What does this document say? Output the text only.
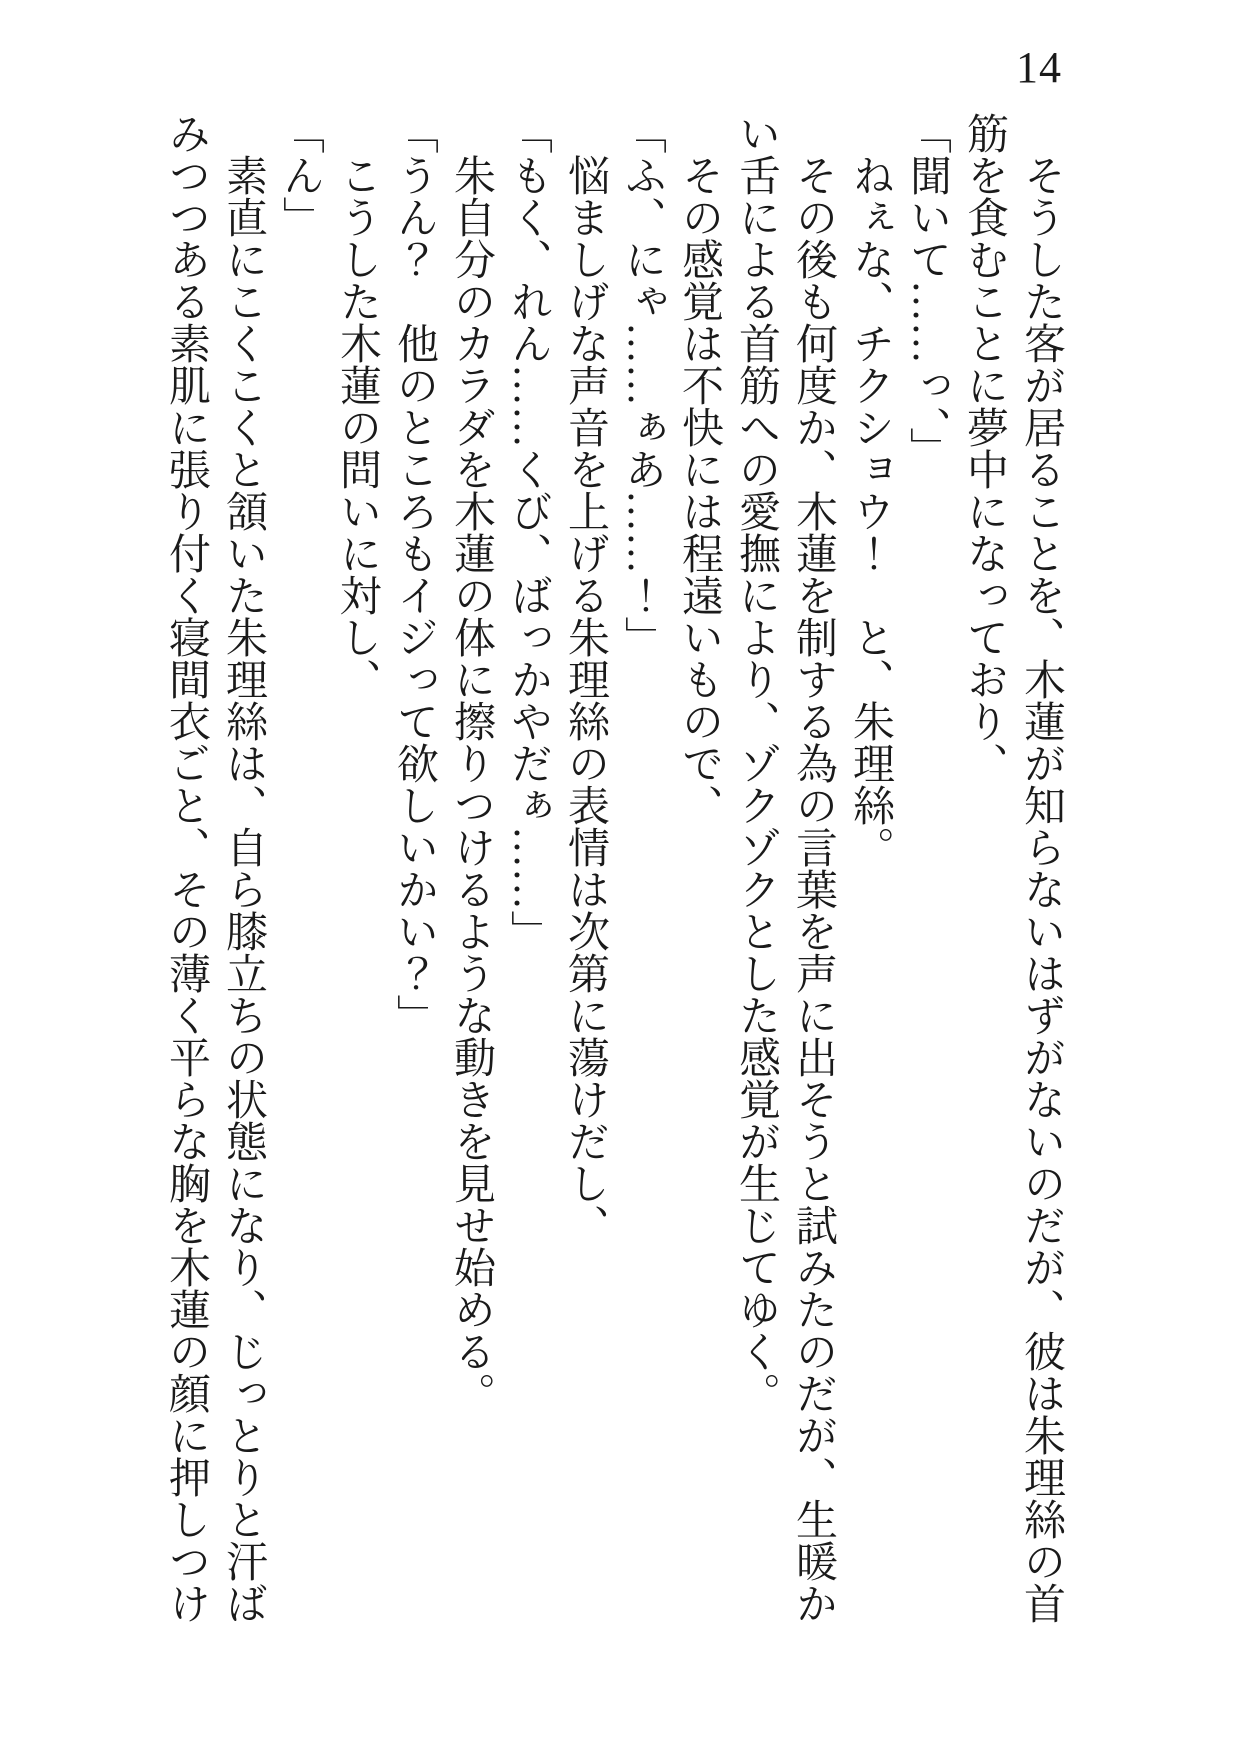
14

そうした客が居ることを、木蓮が知らないはずがないのだが、彼は朱理絲の首筋を食むことに夢中になっており、

「聞いて……っ、」

ねぇな、チクショウ！　と、朱理絲。

その後も何度か、木蓮を制する為の言葉を声に出そうと試みたのだが、生暖かい舌による首筋への愛撫により、ゾクゾクとした感覚が生じてゆく。

その感覚は不快には程遠いもので、

「ふ、にゃ……ぁあ……！」

悩ましげな声音を上げる朱理絲の表情は次第に蕩けだし、

「もく、れん……くび、ばっかやだぁ……」

朱自分のカラダを木蓮の体に擦りつけるような動きを見せ始める。

「うん？　他のところもイジって欲しいかい？」

こうした木蓮の問いに対し、

「ん」

素直にこくこくと頷いた朱理絲は、自ら膝立ちの状態になり、じっとりと汗ばみつつある素肌に張り付く寝間衣ごと、その薄く平らな胸を木蓮の顔に押しつけ
